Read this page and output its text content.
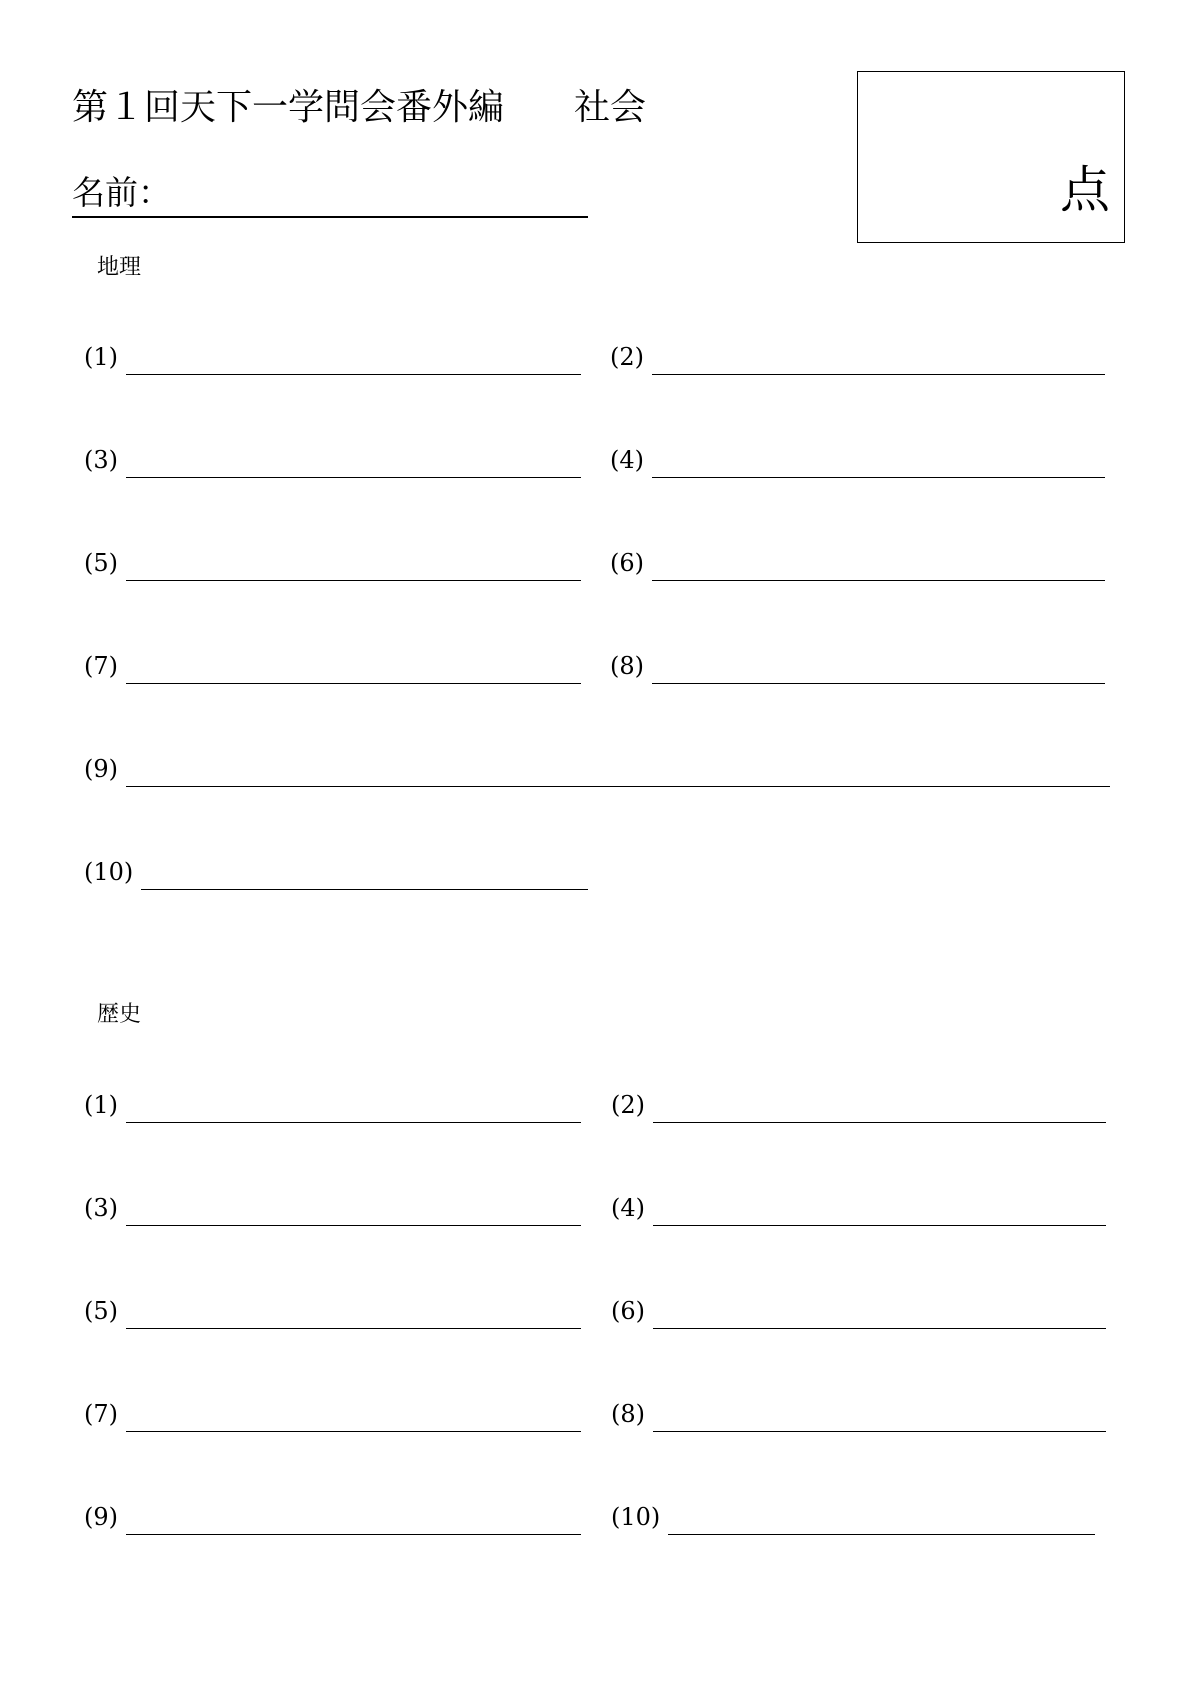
第１回天下一学問会番外編 社会
名前：	点
地理
(1)	(2)
(3)	(4)
(5)	(6)
(7)	(8)
(9)
(10)
歴史
(1)	(2)
(3)	(4)
(5)	(6)
(7)	(8)
(9)	(10)
